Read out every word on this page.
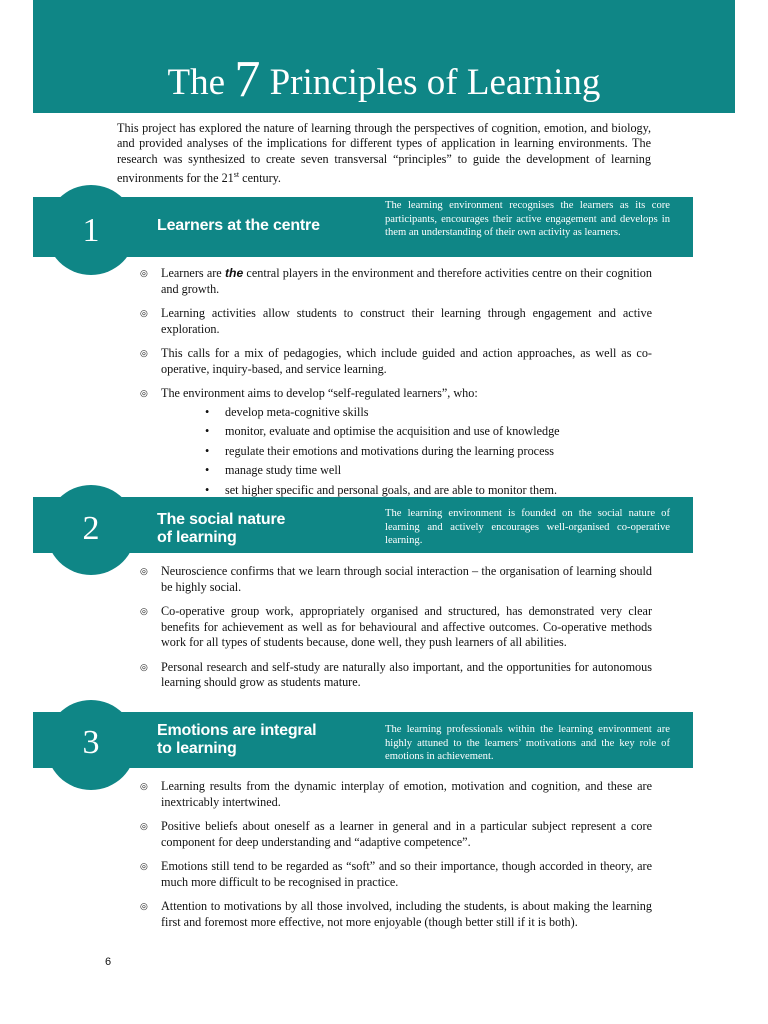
The 7 Principles of Learning

This project has explored the nature of learning through the perspectives of cognition, emotion, and biology, and provided analyses of the implications for different types of application in learning environments. The research was synthesized to create seven transversal “principles” to guide the development of learning environments for the 21st century.

1	Learners at the centre
The learning environment recognises the learners as its core participants, encourages their active engagement and develops in them an understanding of their own activity as learners.
◎ Learners are the central players in the environment and therefore activities centre on their cognition and growth.
◎ Learning activities allow students to construct their learning through engagement and active exploration.
◎ This calls for a mix of pedagogies, which include guided and action approaches, as well as co-operative, inquiry-based, and service learning.
◎ The environment aims to develop “self-regulated learners”, who:
• develop meta-cognitive skills
• monitor, evaluate and optimise the acquisition and use of knowledge
• regulate their emotions and motivations during the learning process
• manage study time well
• set higher specific and personal goals, and are able to monitor them.
2	The social nature
of learning
The learning environment is founded on the social nature of learning and actively encourages well-organised co-operative learning.
◎ Neuroscience confirms that we learn through social interaction – the organisation of learning should be highly social.
◎ Co-operative group work, appropriately organised and structured, has demonstrated very clear benefits for achievement as well as for behavioural and affective outcomes. Co-operative methods work for all types of students because, done well, they push learners of all abilities.
◎ Personal research and self-study are naturally also important, and the opportunities for autonomous learning should grow as students mature.
3	Emotions are integral
to learning
The learning professionals within the learning environment are highly attuned to the learners’ motivations and the key role of emotions in achievement.
◎ Learning results from the dynamic interplay of emotion, motivation and cognition, and these are inextricably intertwined.
◎ Positive beliefs about oneself as a learner in general and in a particular subject represent a core component for deep understanding and “adaptive competence”.
◎ Emotions still tend to be regarded as “soft” and so their importance, though accorded in theory, are much more difficult to be recognised in practice.
◎ Attention to motivations by all those involved, including the students, is about making the learning first and foremost more effective, not more enjoyable (though better still if it is both).
6
